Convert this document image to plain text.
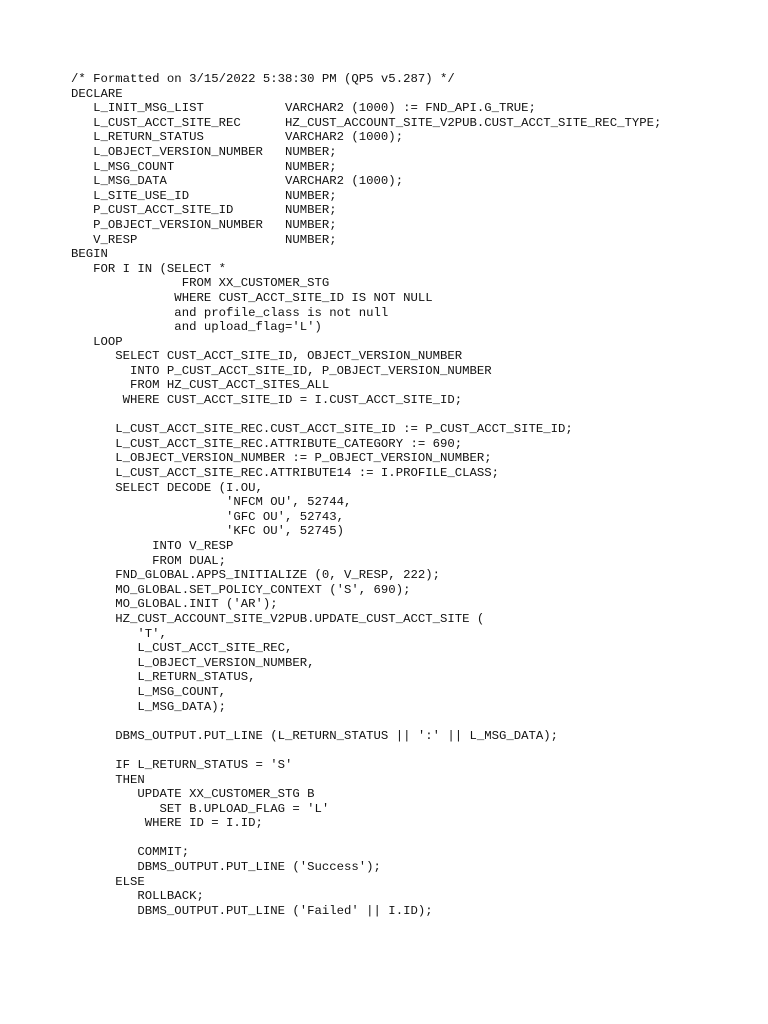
/* Formatted on 3/15/2022 5:38:30 PM (QP5 v5.287) */
DECLARE
L_INIT_MSG_LIST           VARCHAR2 (1000) := FND_API.G_TRUE;
L_CUST_ACCT_SITE_REC      HZ_CUST_ACCOUNT_SITE_V2PUB.CUST_ACCT_SITE_REC_TYPE;
L_RETURN_STATUS           VARCHAR2 (1000);
L_OBJECT_VERSION_NUMBER   NUMBER;
L_MSG_COUNT               NUMBER;
L_MSG_DATA                VARCHAR2 (1000);
L_SITE_USE_ID             NUMBER;
P_CUST_ACCT_SITE_ID       NUMBER;
P_OBJECT_VERSION_NUMBER   NUMBER;
V_RESP                    NUMBER;
BEGIN
FOR I IN (SELECT *
FROM XX_CUSTOMER_STG
WHERE CUST_ACCT_SITE_ID IS NOT NULL
and profile_class is not null
and upload_flag='L')
LOOP
SELECT CUST_ACCT_SITE_ID, OBJECT_VERSION_NUMBER
INTO P_CUST_ACCT_SITE_ID, P_OBJECT_VERSION_NUMBER
FROM HZ_CUST_ACCT_SITES_ALL
WHERE CUST_ACCT_SITE_ID = I.CUST_ACCT_SITE_ID;
L_CUST_ACCT_SITE_REC.CUST_ACCT_SITE_ID := P_CUST_ACCT_SITE_ID;
L_CUST_ACCT_SITE_REC.ATTRIBUTE_CATEGORY := 690;
L_OBJECT_VERSION_NUMBER := P_OBJECT_VERSION_NUMBER;
L_CUST_ACCT_SITE_REC.ATTRIBUTE14 := I.PROFILE_CLASS;
SELECT DECODE (I.OU,
'NFCM OU', 52744,
'GFC OU', 52743,
'KFC OU', 52745)
INTO V_RESP
FROM DUAL;
FND_GLOBAL.APPS_INITIALIZE (0, V_RESP, 222);
MO_GLOBAL.SET_POLICY_CONTEXT ('S', 690);
MO_GLOBAL.INIT ('AR');
HZ_CUST_ACCOUNT_SITE_V2PUB.UPDATE_CUST_ACCT_SITE (
'T',
L_CUST_ACCT_SITE_REC,
L_OBJECT_VERSION_NUMBER,
L_RETURN_STATUS,
L_MSG_COUNT,
L_MSG_DATA);
DBMS_OUTPUT.PUT_LINE (L_RETURN_STATUS || ':' || L_MSG_DATA);
IF L_RETURN_STATUS = 'S'
THEN
UPDATE XX_CUSTOMER_STG B
SET B.UPLOAD_FLAG = 'L'
WHERE ID = I.ID;
COMMIT;
DBMS_OUTPUT.PUT_LINE ('Success');
ELSE
ROLLBACK;
DBMS_OUTPUT.PUT_LINE ('Failed' || I.ID);
